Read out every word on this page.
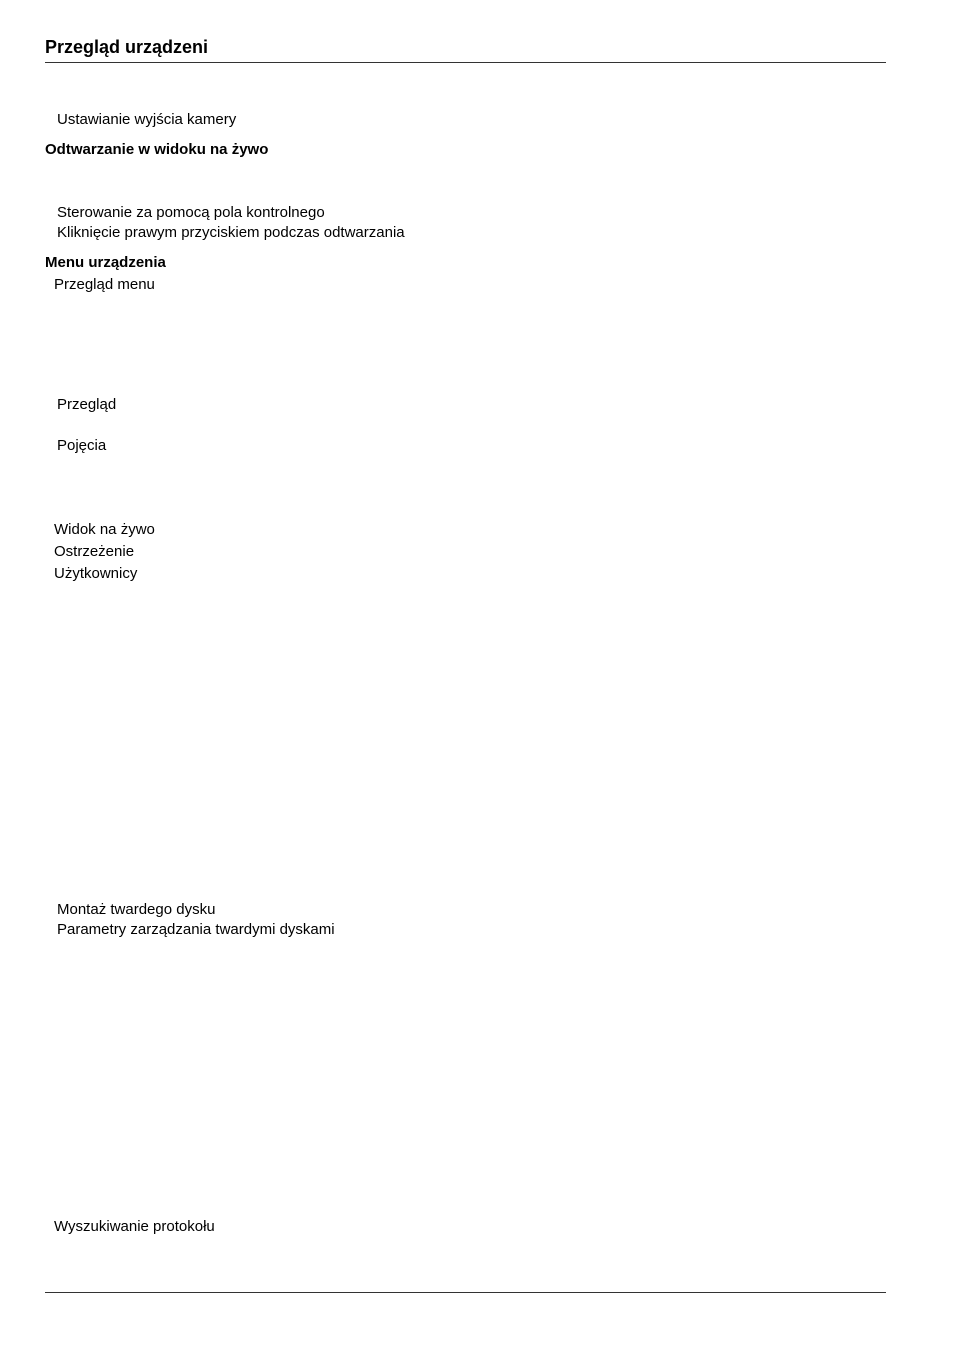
Przegląd urządzeni
Ustawianie wyjścia kamery
Odtwarzanie w widoku na żywo
Sterowanie za pomocą pola kontrolnego
Kliknięcie prawym przyciskiem podczas odtwarzania
Menu urządzenia
Przegląd menu
Przegląd
Pojęcia
Widok na żywo
Ostrzeżenie
Użytkownicy
Montaż twardego dysku
Parametry zarządzania twardymi dyskami
Wyszukiwanie protokołu
